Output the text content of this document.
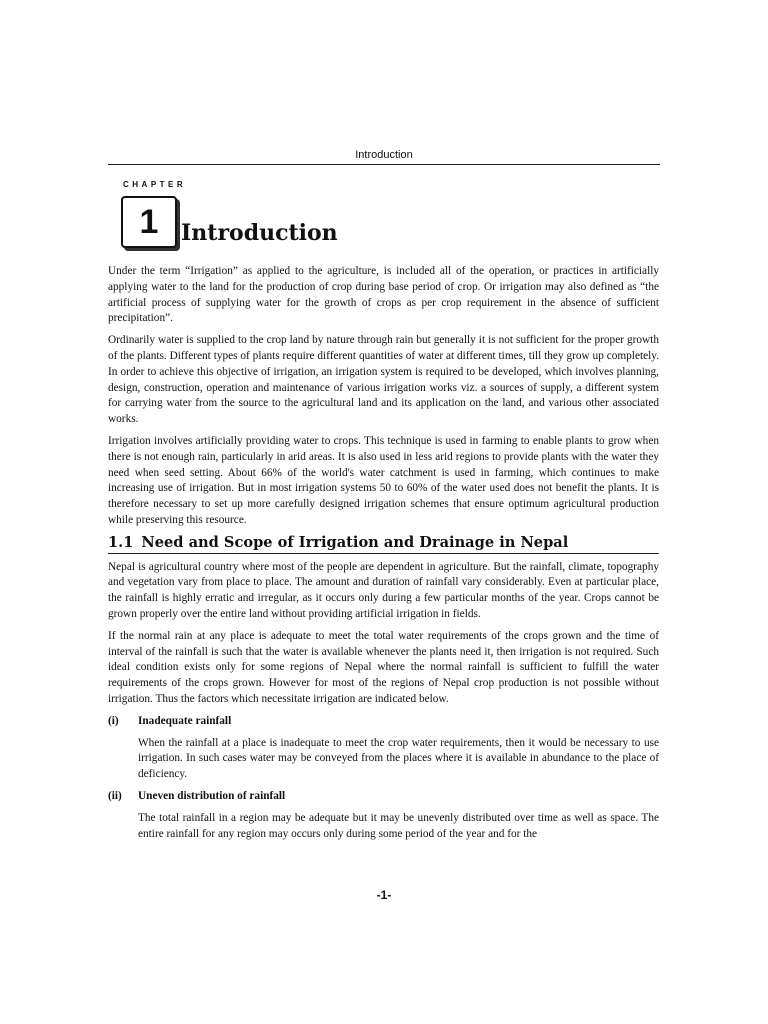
Introduction
CHAPTER
1 Introduction

Under the term “Irrigation” as applied to the agriculture, is included all of the operation, or practices in artificially applying water to the land for the production of crop during base period of crop. Or irrigation may also defined as “the artificial process of supplying water for the growth of crops as per crop requirement in the absence of sufficient precipitation”.

Ordinarily water is supplied to the crop land by nature through rain but generally it is not sufficient for the proper growth of the plants. Different types of plants require different quantities of water at different times, till they grow up completely. In order to achieve this objective of irrigation, an irrigation system is required to be developed, which involves planning, design, construction, operation and maintenance of various irrigation works viz. a sources of supply, a different system for carrying water from the source to the agricultural land and its application on the land, and various other associated works.

Irrigation involves artificially providing water to crops. This technique is used in farming to enable plants to grow when there is not enough rain, particularly in arid areas. It is also used in less arid regions to provide plants with the water they need when seed setting. About 66% of the world's water catchment is used in farming, which continues to make increasing use of irrigation. But in most irrigation systems 50 to 60% of the water used does not benefit the plants. It is therefore necessary to set up more carefully designed irrigation schemes that ensure optimum agricultural production while preserving this resource.

1.1 Need and Scope of Irrigation and Drainage in Nepal

Nepal is agricultural country where most of the people are dependent in agriculture. But the rainfall, climate, topography and vegetation vary from place to place. The amount and duration of rainfall vary considerably. Even at particular place, the rainfall is highly erratic and irregular, as it occurs only during a few particular months of the year. Crops cannot be grown properly over the entire land without providing artificial irrigation in fields.

If the normal rain at any place is adequate to meet the total water requirements of the crops grown and the time of interval of the rainfall is such that the water is available whenever the plants need it, then irrigation is not required. Such ideal condition exists only for some regions of Nepal where the normal rainfall is sufficient to fulfill the water requirements of the crops grown. However for most of the regions of Nepal crop production is not possible without irrigation. Thus the factors which necessitate irrigation are indicated below.

(i)	Inadequate rainfall

When the rainfall at a place is inadequate to meet the crop water requirements, then it would be necessary to use irrigation. In such cases water may be conveyed from the places where it is available in abundance to the place of deficiency.

(ii)	Uneven distribution of rainfall

The total rainfall in a region may be adequate but it may be unevenly distributed over time as well as space. The entire rainfall for any region may occurs only during some period of the year and for the

-1-
